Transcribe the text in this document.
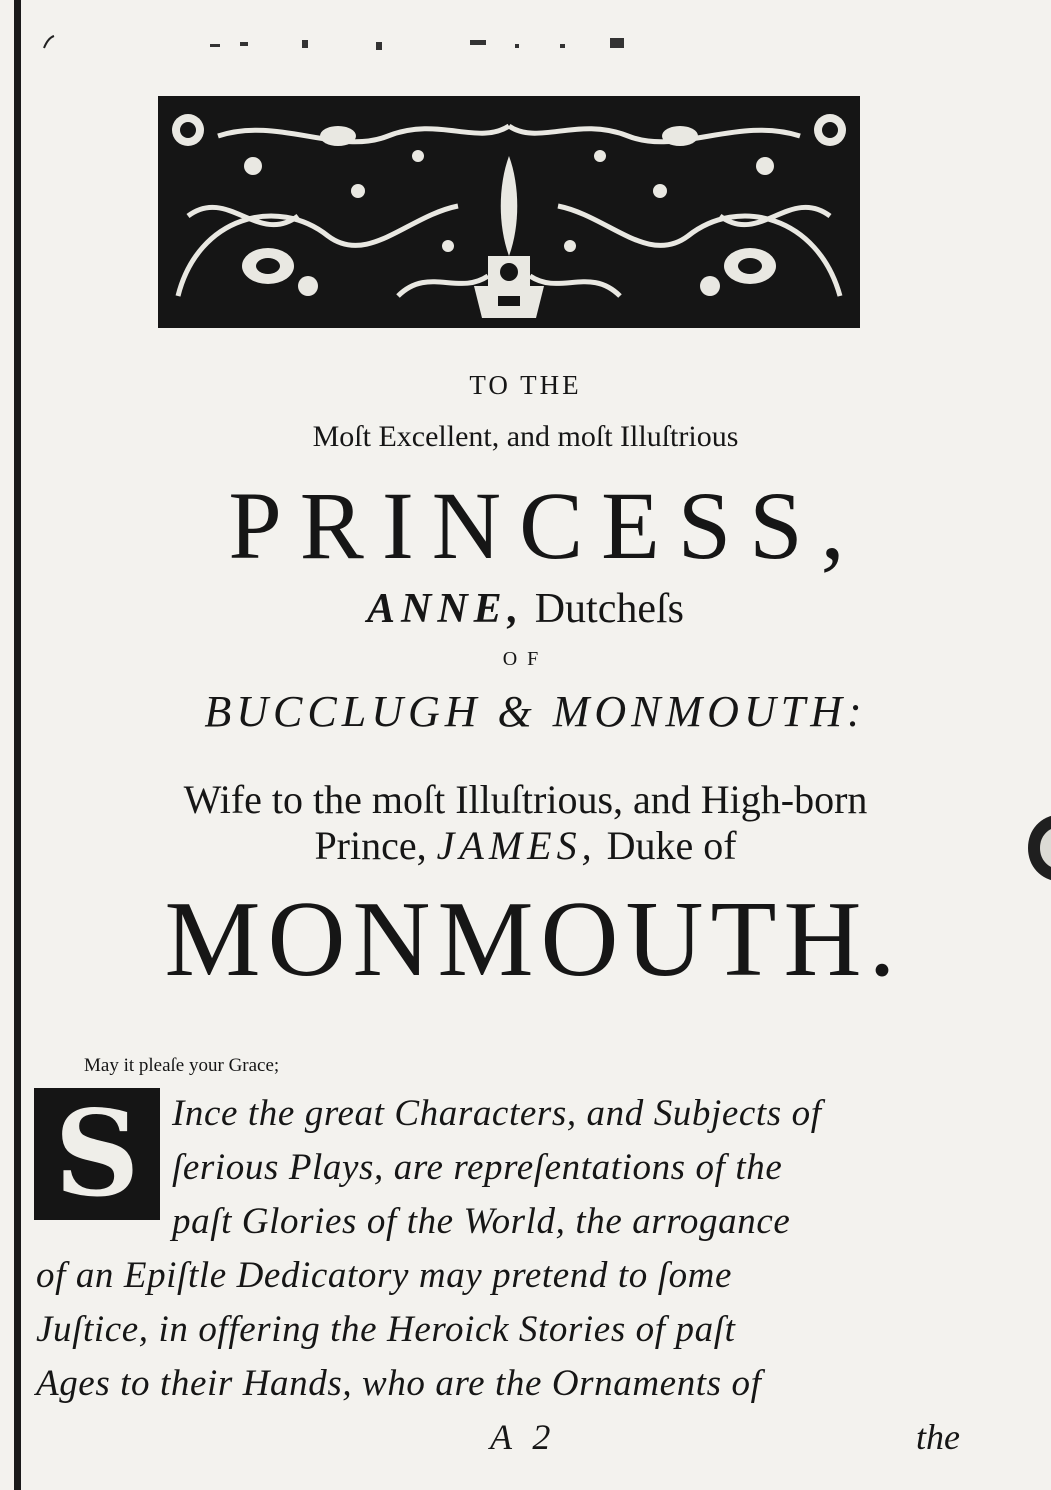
TO THE
Moſt Excellent, and moſt Illuſtrious
PRINCESS,
ANNE, Dutcheſs
OF
BUCCLUGH & MONMOUTH:
Wife to the moſt Illuſtrious, and High-born
Prince, JAMES, Duke of
MONMOUTH.
May it pleaſe your Grace;
S Ince the great Characters, and Subjects of
ſerious Plays, are repreſentations of the
paſt Glories of the World, the arrogance
of an Epiſtle Dedicatory may pretend to ſome
Juſtice, in offering the Heroick Stories of paſt
Ages to their Hands, who are the Ornaments of
A 2	the
